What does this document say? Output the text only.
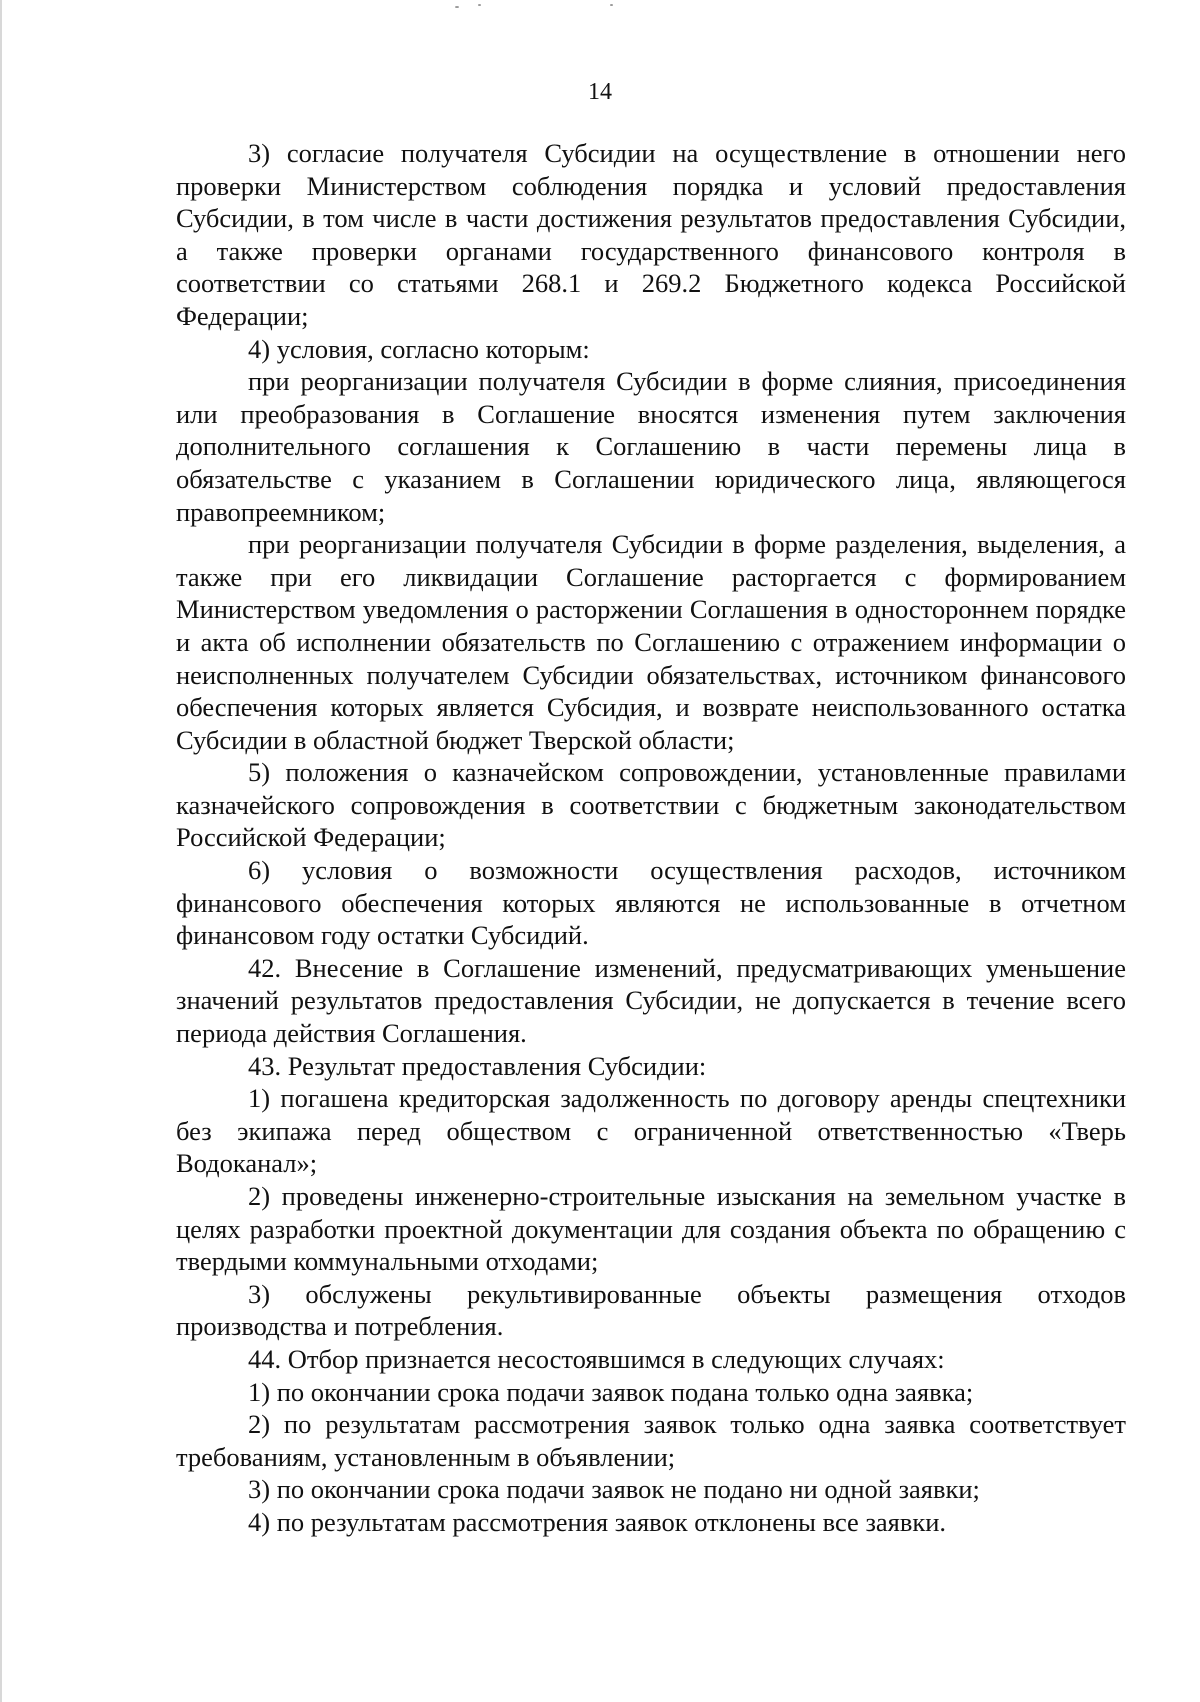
14

3) согласие получателя Субсидии на осуществление в отношении него проверки Министерством соблюдения порядка и условий предоставления Субсидии, в том числе в части достижения результатов предоставления Субсидии, а также проверки органами государственного финансового контроля в соответствии со статьями 268.1 и 269.2 Бюджетного кодекса Российской Федерации;

4) условия, согласно которым:

при реорганизации получателя Субсидии в форме слияния, присоединения или преобразования в Соглашение вносятся изменения путем заключения дополнительного соглашения к Соглашению в части перемены лица в обязательстве с указанием в Соглашении юридического лица, являющегося правопреемником;

при реорганизации получателя Субсидии в форме разделения, выделения, а также при его ликвидации Соглашение расторгается с формированием Министерством уведомления о расторжении Соглашения в одностороннем порядке и акта об исполнении обязательств по Соглашению с отражением информации о неисполненных получателем Субсидии обязательствах, источником финансового обеспечения которых является Субсидия, и возврате неиспользованного остатка Субсидии в областной бюджет Тверской области;

5) положения о казначейском сопровождении, установленные правилами казначейского сопровождения в соответствии с бюджетным законодательством Российской Федерации;

6) условия о возможности осуществления расходов, источником финансового обеспечения которых являются не использованные в отчетном финансовом году остатки Субсидий.

42. Внесение в Соглашение изменений, предусматривающих уменьшение значений результатов предоставления Субсидии, не допускается в течение всего периода действия Соглашения.

43. Результат предоставления Субсидии:

1) погашена кредиторская задолженность по договору аренды спецтехники без экипажа перед обществом с ограниченной ответственностью «Тверь Водоканал»;

2) проведены инженерно-строительные изыскания на земельном участке в целях разработки проектной документации для создания объекта по обращению с твердыми коммунальными отходами;

3) обслужены рекультивированные объекты размещения отходов производства и потребления.

44. Отбор признается несостоявшимся в следующих случаях:

1) по окончании срока подачи заявок подана только одна заявка;

2) по результатам рассмотрения заявок только одна заявка соответствует требованиям, установленным в объявлении;

3) по окончании срока подачи заявок не подано ни одной заявки;

4) по результатам рассмотрения заявок отклонены все заявки.
